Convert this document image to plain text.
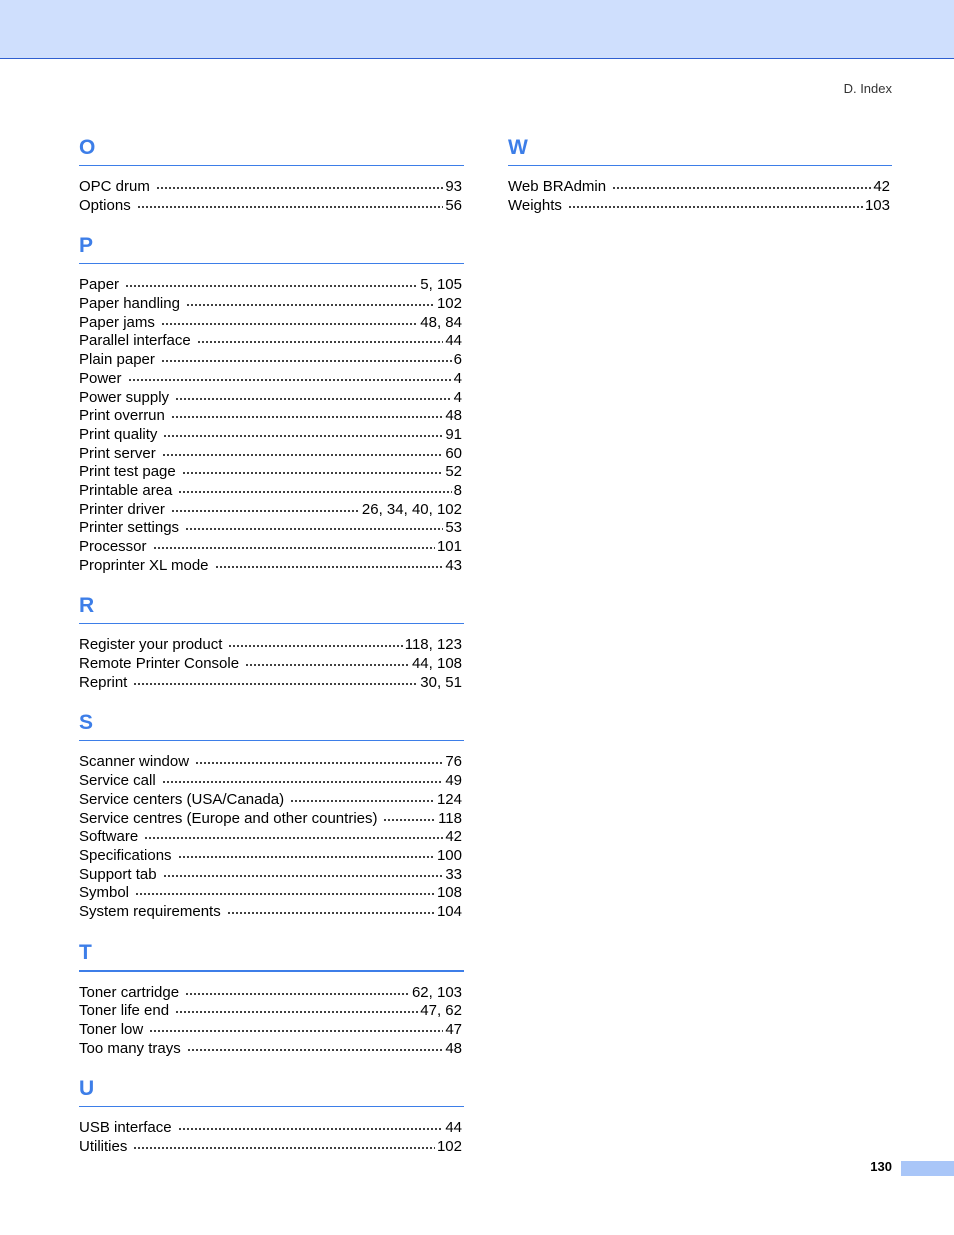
D. Index
O
OPC drum	93
Options	56
P
Paper	5, 105
Paper handling	102
Paper jams	48, 84
Parallel interface	44
Plain paper	6
Power	4
Power supply	4
Print overrun	48
Print quality	91
Print server	60
Print test page	52
Printable area	8
Printer driver	26, 34, 40, 102
Printer settings	53
Processor	101
Proprinter XL mode	43
R
Register your product	118, 123
Remote Printer Console	44, 108
Reprint	30, 51
S
Scanner window	76
Service call	49
Service centers (USA/Canada)	124
Service centres (Europe and other countries)	118
Software	42
Specifications	100
Support tab	33
Symbol	108
System requirements	104
T
Toner cartridge	62, 103
Toner life end	47, 62
Toner low	47
Too many trays	48
U
USB interface	44
Utilities	102
W
Web BRAdmin	42
Weights	103
130
